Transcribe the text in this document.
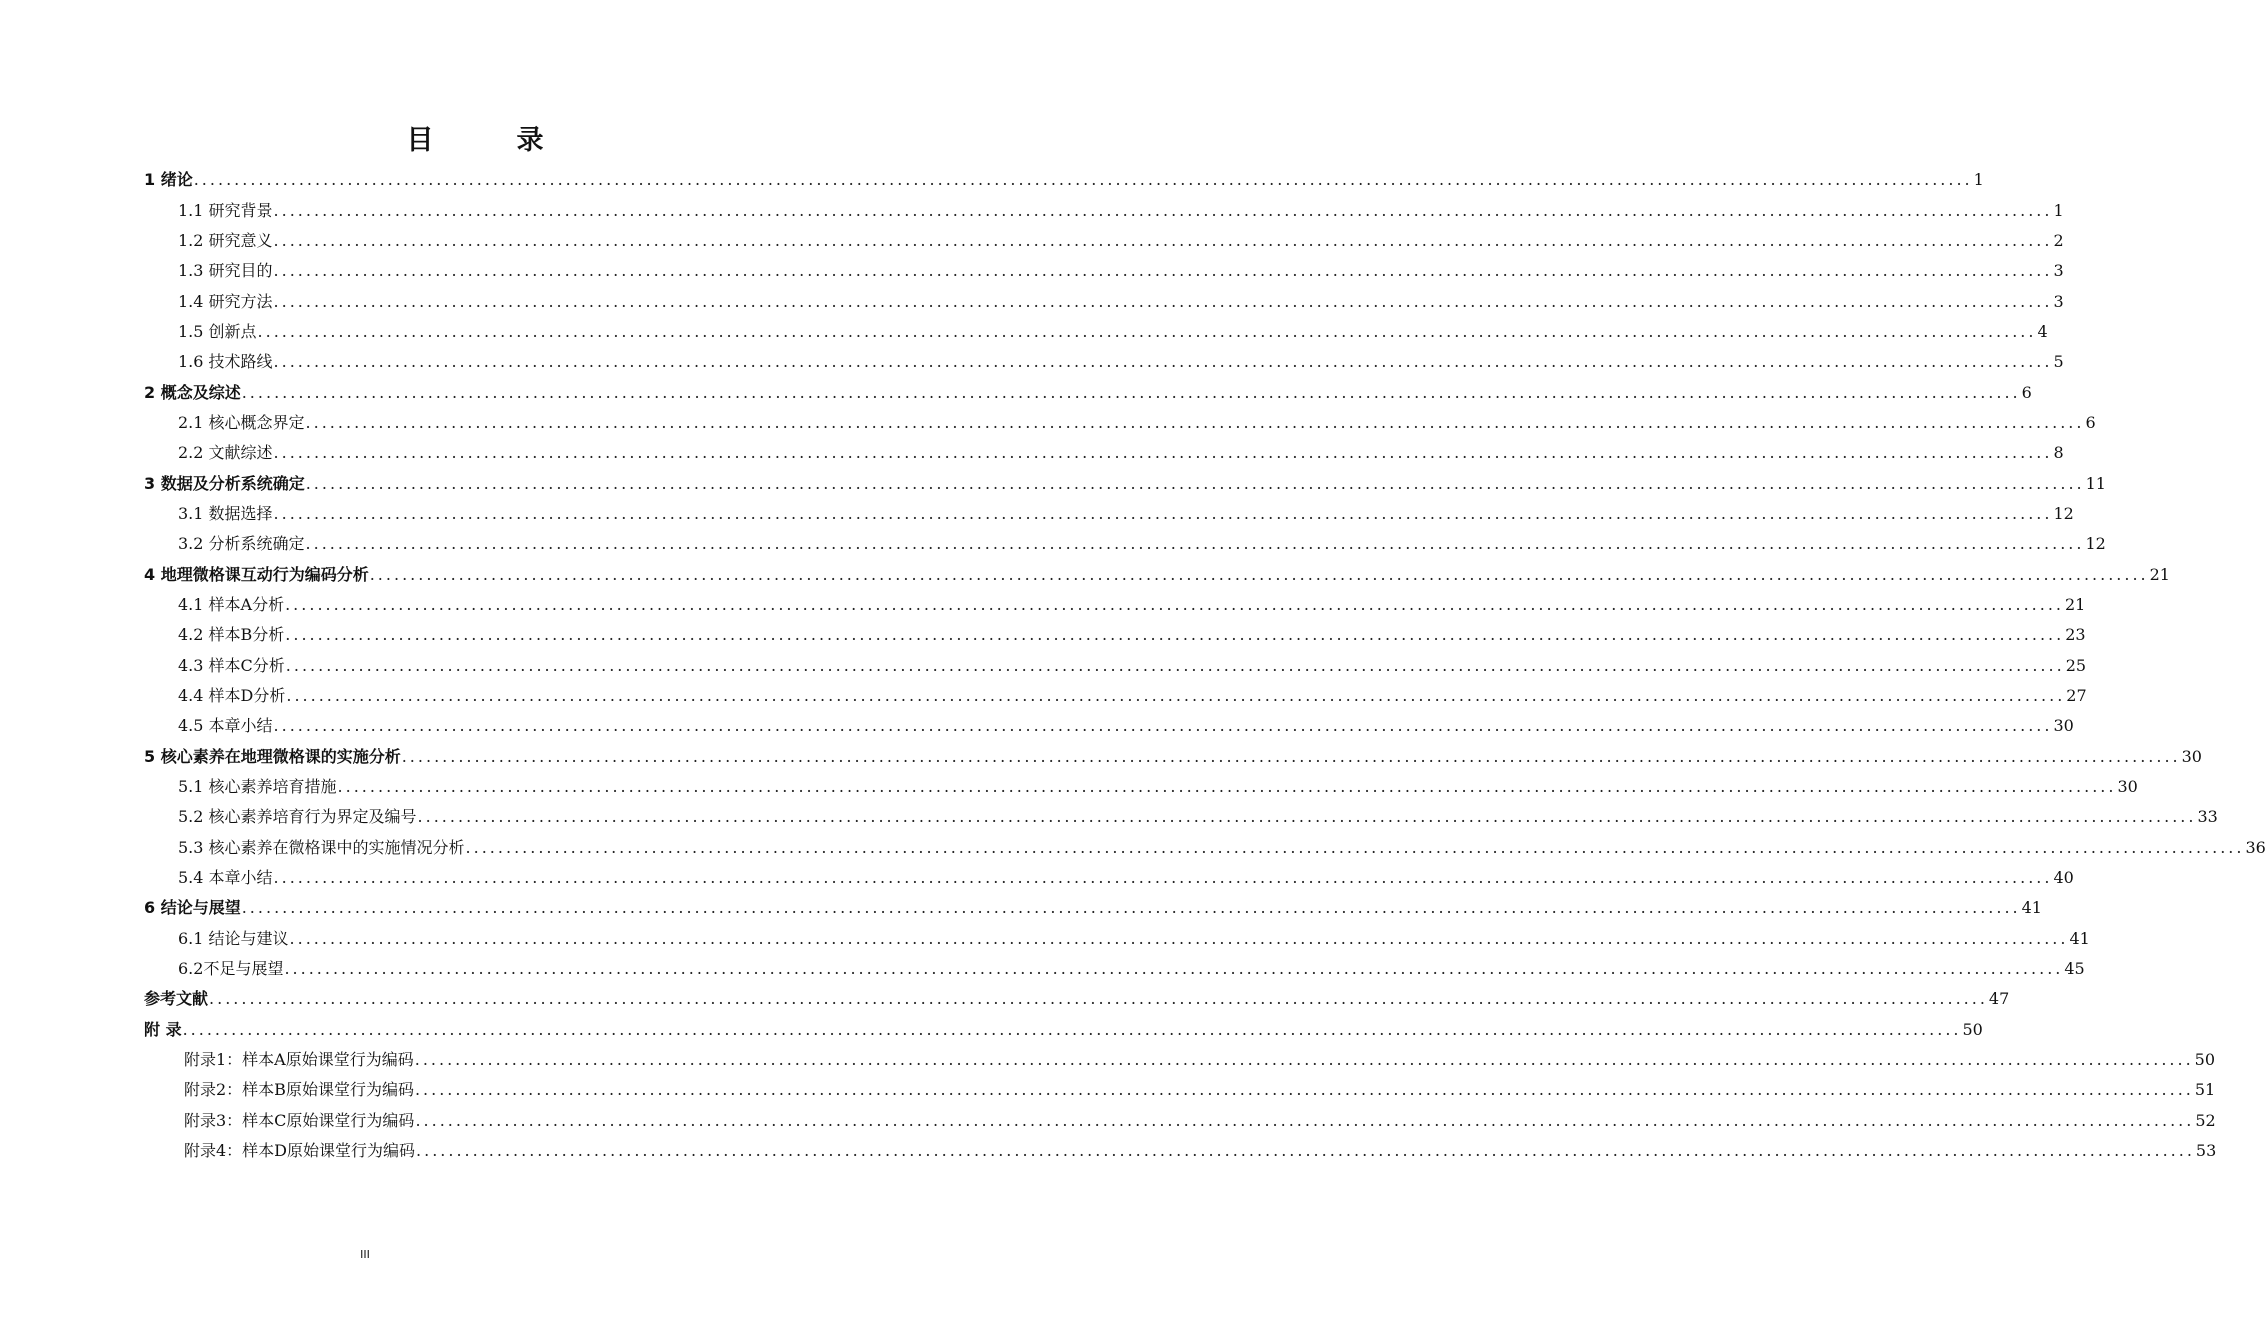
目　录
1 绪论 ............................................................................................................................................................................................................................ 1
1.1 研究背景 ............................................................................................................................................................................................................................ 1
1.2 研究意义 ............................................................................................................................................................................................................................ 2
1.3 研究目的 ............................................................................................................................................................................................................................ 3
1.4 研究方法 ............................................................................................................................................................................................................................ 3
1.5 创新点 ............................................................................................................................................................................................................................ 4
1.6 技术路线 ............................................................................................................................................................................................................................ 5
2 概念及综述 ............................................................................................................................................................................................................................ 6
2.1 核心概念界定 ............................................................................................................................................................................................................................ 6
2.2 文献综述 ............................................................................................................................................................................................................................ 8
3 数据及分析系统确定 ............................................................................................................................................................................................................................ 11
3.1 数据选择 ............................................................................................................................................................................................................................ 12
3.2 分析系统确定 ............................................................................................................................................................................................................................ 12
4 地理微格课互动行为编码分析 ............................................................................................................................................................................................................................ 21
4.1 样本A分析 ............................................................................................................................................................................................................................ 21
4.2 样本B分析 ............................................................................................................................................................................................................................ 23
4.3 样本C分析 ............................................................................................................................................................................................................................ 25
4.4 样本D分析 ............................................................................................................................................................................................................................ 27
4.5 本章小结 ............................................................................................................................................................................................................................ 30
5 核心素养在地理微格课的实施分析 ............................................................................................................................................................................................................................ 30
5.1 核心素养培育措施 ............................................................................................................................................................................................................................ 30
5.2 核心素养培育行为界定及编号 ............................................................................................................................................................................................................................ 33
5.3 核心素养在微格课中的实施情况分析 ............................................................................................................................................................................................................................ 36
5.4 本章小结 ............................................................................................................................................................................................................................ 40
6 结论与展望 ............................................................................................................................................................................................................................ 41
6.1 结论与建议 ............................................................................................................................................................................................................................ 41
6.2不足与展望 ............................................................................................................................................................................................................................ 45
参考文献 ............................................................................................................................................................................................................................ 47
附 录 ............................................................................................................................................................................................................................ 50
附录1：样本A原始课堂行为编码 ............................................................................................................................................................................................................................ 50
附录2：样本B原始课堂行为编码 ............................................................................................................................................................................................................................ 51
附录3：样本C原始课堂行为编码 ............................................................................................................................................................................................................................ 52
附录4：样本D原始课堂行为编码 ............................................................................................................................................................................................................................ 53
III
